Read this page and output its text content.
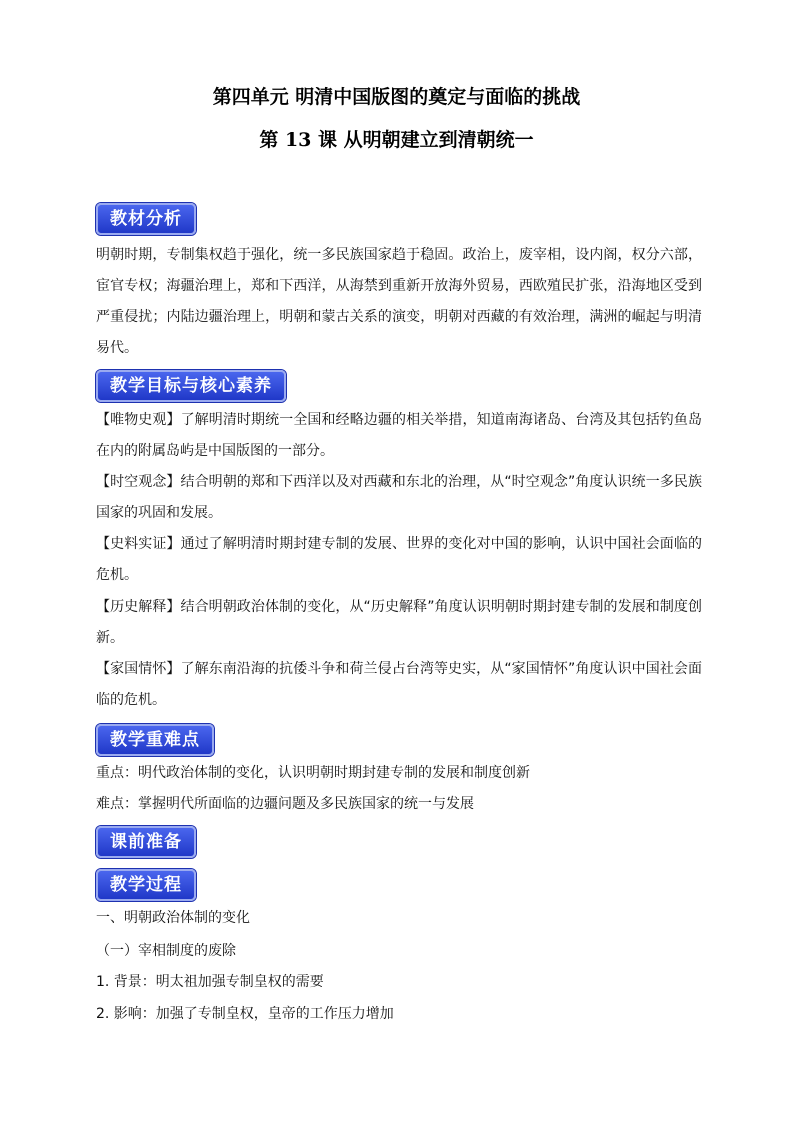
第四单元 明清中国版图的奠定与面临的挑战
第 13 课 从明朝建立到清朝统一
教材分析

明朝时期，专制集权趋于强化，统一多民族国家趋于稳固。政治上，废宰相，设内阁，权分六部，宦官专权；海疆治理上，郑和下西洋，从海禁到重新开放海外贸易，西欧殖民扩张，沿海地区受到严重侵扰；内陆边疆治理上，明朝和蒙古关系的演变，明朝对西藏的有效治理，满洲的崛起与明清易代。

教学目标与核心素养

【唯物史观】了解明清时期统一全国和经略边疆的相关举措，知道南海诸岛、台湾及其包括钓鱼岛在内的附属岛屿是中国版图的一部分。

【时空观念】结合明朝的郑和下西洋以及对西藏和东北的治理，从“时空观念”角度认识统一多民族国家的巩固和发展。

【史料实证】通过了解明清时期封建专制的发展、世界的变化对中国的影响，认识中国社会面临的危机。

【历史解释】结合明朝政治体制的变化，从“历史解释”角度认识明朝时期封建专制的发展和制度创新。

【家国情怀】了解东南沿海的抗倭斗争和荷兰侵占台湾等史实，从“家国情怀”角度认识中国社会面临的危机。

教学重难点
重点：明代政治体制的变化，认识明朝时期封建专制的发展和制度创新
难点：掌握明代所面临的边疆问题及多民族国家的统一与发展
课前准备
教学过程
一、明朝政治体制的变化
（一）宰相制度的废除
1. 背景：明太祖加强专制皇权的需要
2. 影响：加强了专制皇权，皇帝的工作压力增加
